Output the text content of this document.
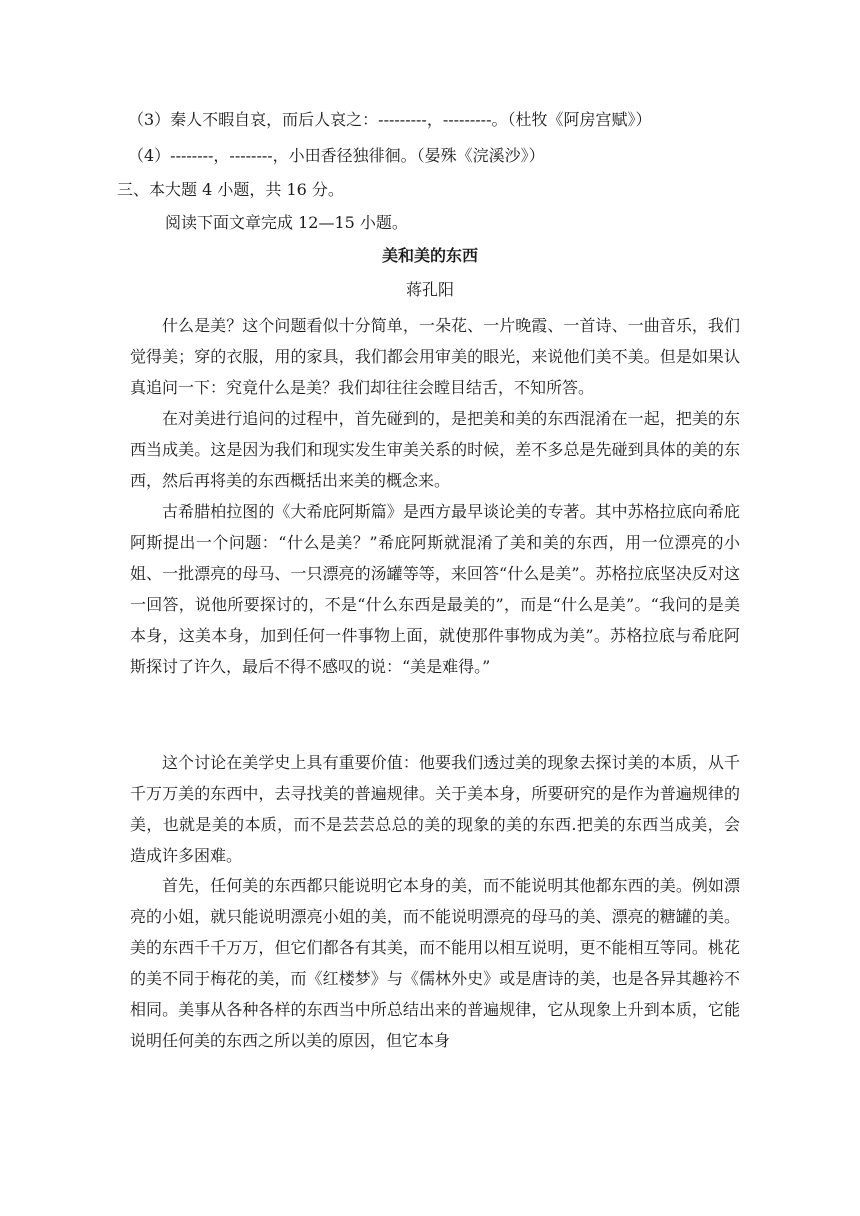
（3）秦人不暇自哀，而后人哀之：---------，---------。（杜牧《阿房宫赋》）
（4）--------，--------，小田香径独徘徊。（晏殊《浣溪沙》）
三、本大题 4 小题，共 16 分。
阅读下面文章完成 12—15 小题。
美和美的东西
蒋孔阳
什么是美？这个问题看似十分简单，一朵花、一片晚霞、一首诗、一曲音乐，我们觉得美；穿的衣服，用的家具，我们都会用审美的眼光，来说他们美不美。但是如果认真追问一下：究竟什么是美？我们却往往会瞠目结舌，不知所答。
在对美进行追问的过程中，首先碰到的，是把美和美的东西混淆在一起，把美的东西当成美。这是因为我们和现实发生审美关系的时候，差不多总是先碰到具体的美的东西，然后再将美的东西概括出来美的概念来。
古希腊柏拉图的《大希庇阿斯篇》是西方最早谈论美的专著。其中苏格拉底向希庇阿斯提出一个问题：“什么是美？”希庇阿斯就混淆了美和美的东西，用一位漂亮的小姐、一批漂亮的母马、一只漂亮的汤罐等等，来回答“什么是美”。苏格拉底坚决反对这一回答，说他所要探讨的，不是“什么东西是最美的”，而是“什么是美”。“我问的是美本身，这美本身，加到任何一件事物上面，就使那件事物成为美”。苏格拉底与希庇阿斯探讨了许久，最后不得不感叹的说：“美是难得。”
这个讨论在美学史上具有重要价值：他要我们透过美的现象去探讨美的本质，从千千万万美的东西中，去寻找美的普遍规律。关于美本身，所要研究的是作为普遍规律的美，也就是美的本质，而不是芸芸总总的美的现象的美的东西.把美的东西当成美，会造成许多困难。
首先，任何美的东西都只能说明它本身的美，而不能说明其他都东西的美。例如漂亮的小姐，就只能说明漂亮小姐的美，而不能说明漂亮的母马的美、漂亮的糖罐的美。美的东西千千万万，但它们都各有其美，而不能用以相互说明，更不能相互等同。桃花的美不同于梅花的美，而《红楼梦》与《儒林外史》或是唐诗的美，也是各异其趣衿不相同。美事从各种各样的东西当中所总结出来的普遍规律，它从现象上升到本质，它能说明任何美的东西之所以美的原因，但它本身
